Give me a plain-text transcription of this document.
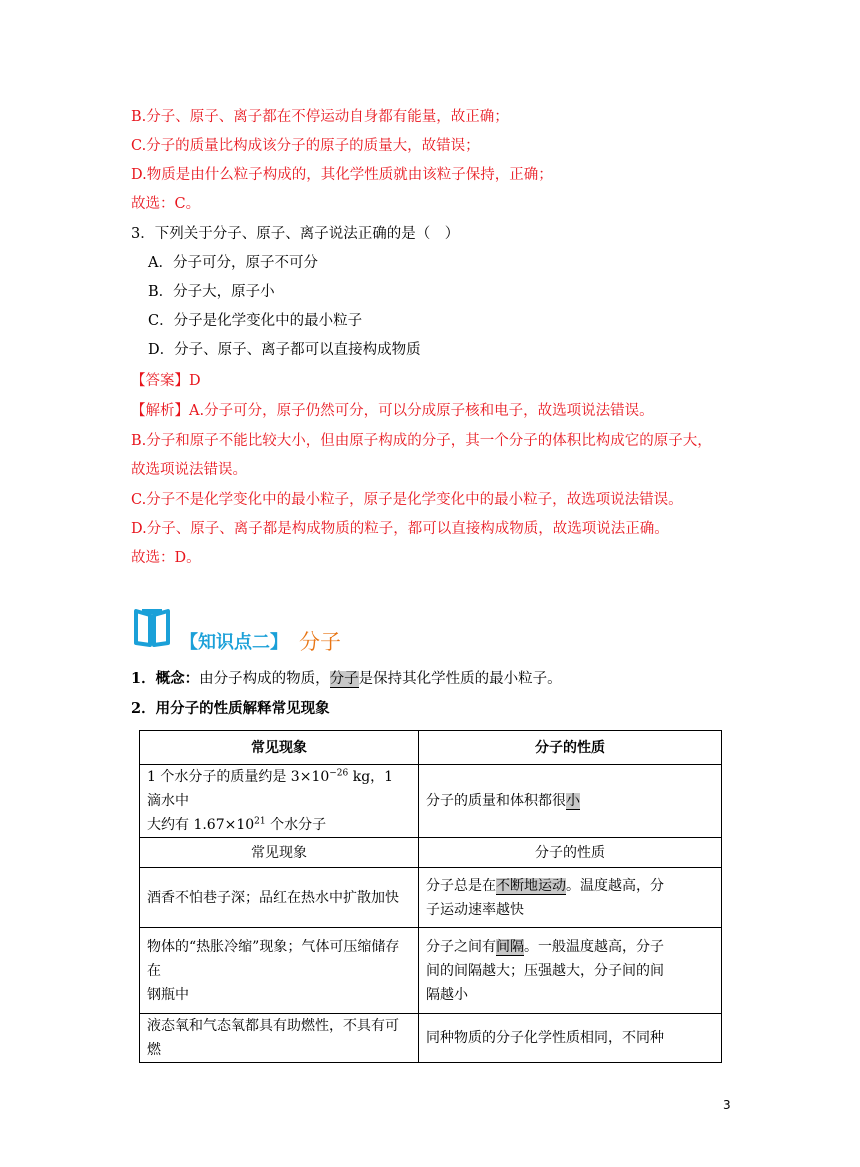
B.分子、原子、离子都在不停运动自身都有能量，故正确；
C.分子的质量比构成该分子的原子的质量大，故错误；
D.物质是由什么粒子构成的，其化学性质就由该粒子保持，正确；
故选：C。
3．下列关于分子、原子、离子说法正确的是（　）
A．分子可分，原子不可分
B．分子大，原子小
C．分子是化学变化中的最小粒子
D．分子、原子、离子都可以直接构成物质
【答案】D
【解析】A.分子可分，原子仍然可分，可以分成原子核和电子，故选项说法错误。
B.分子和原子不能比较大小，但由原子构成的分子，其一个分子的体积比构成它的原子大，
故选项说法错误。
C.分子不是化学变化中的最小粒子，原子是化学变化中的最小粒子，故选项说法错误。
D.分子、原子、离子都是构成物质的粒子，都可以直接构成物质，故选项说法正确。
故选：D。
【知识点二】 分子
1．概念：由分子构成的物质，分子是保持其化学性质的最小粒子。
2．用分子的性质解释常见现象
常见现象	分子的性质
1 个水分子的质量约是 $3\times 10^{-26}$ kg，1 滴水中
大约有 $1.67\times 10^{21}$ 个水分子	分子的质量和体积都很小
常见现象	分子的性质
酒香不怕巷子深；品红在热水中扩散加快	分子总是在不断地运动。温度越高，分
子运动速率越快
物体的“热胀冷缩”现象；气体可压缩储存在
钢瓶中	分子之间有间隔。一般温度越高，分子
间的间隔越大；压强越大，分子间的间
隔越小
液态氧和气态氧都具有助燃性，不具有可燃	同种物质的分子化学性质相同，不同种
3
